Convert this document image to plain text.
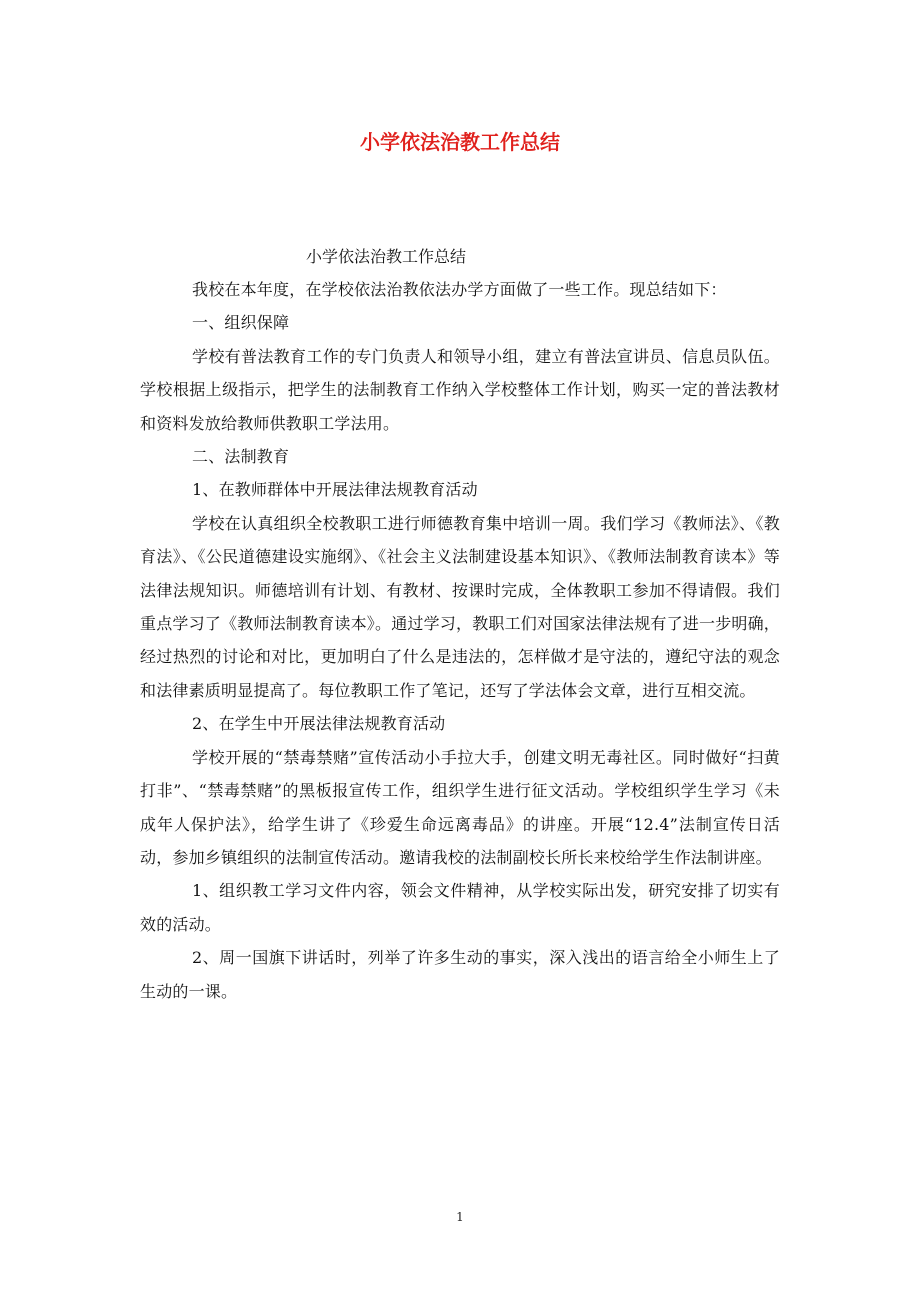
小学依法治教工作总结

小学依法治教工作总结

我校在本年度，在学校依法治教依法办学方面做了一些工作。现总结如下：

一、组织保障

学校有普法教育工作的专门负责人和领导小组，建立有普法宣讲员、信息员队伍。学校根据上级指示，把学生的法制教育工作纳入学校整体工作计划，购买一定的普法教材和资料发放给教师供教职工学法用。

二、法制教育

1、在教师群体中开展法律法规教育活动

学校在认真组织全校教职工进行师德教育集中培训一周。我们学习《教师法》、《教育法》、《公民道德建设实施纲》、《社会主义法制建设基本知识》、《教师法制教育读本》等法律法规知识。师德培训有计划、有教材、按课时完成，全体教职工参加不得请假。我们重点学习了《教师法制教育读本》。通过学习，教职工们对国家法律法规有了进一步明确，经过热烈的讨论和对比，更加明白了什么是违法的，怎样做才是守法的，遵纪守法的观念和法律素质明显提高了。每位教职工作了笔记，还写了学法体会文章，进行互相交流。

2、在学生中开展法律法规教育活动

学校开展的“禁毒禁赌”宣传活动小手拉大手，创建文明无毒社区。同时做好“扫黄打非”、“禁毒禁赌”的黑板报宣传工作，组织学生进行征文活动。学校组织学生学习《未成年人保护法》，给学生讲了《珍爱生命远离毒品》的讲座。开展“12.4”法制宣传日活动，参加乡镇组织的法制宣传活动。邀请我校的法制副校长所长来校给学生作法制讲座。

1、组织教工学习文件内容，领会文件精神，从学校实际出发，研究安排了切实有效的活动。

2、周一国旗下讲话时，列举了许多生动的事实，深入浅出的语言给全小师生上了生动的一课。

1
